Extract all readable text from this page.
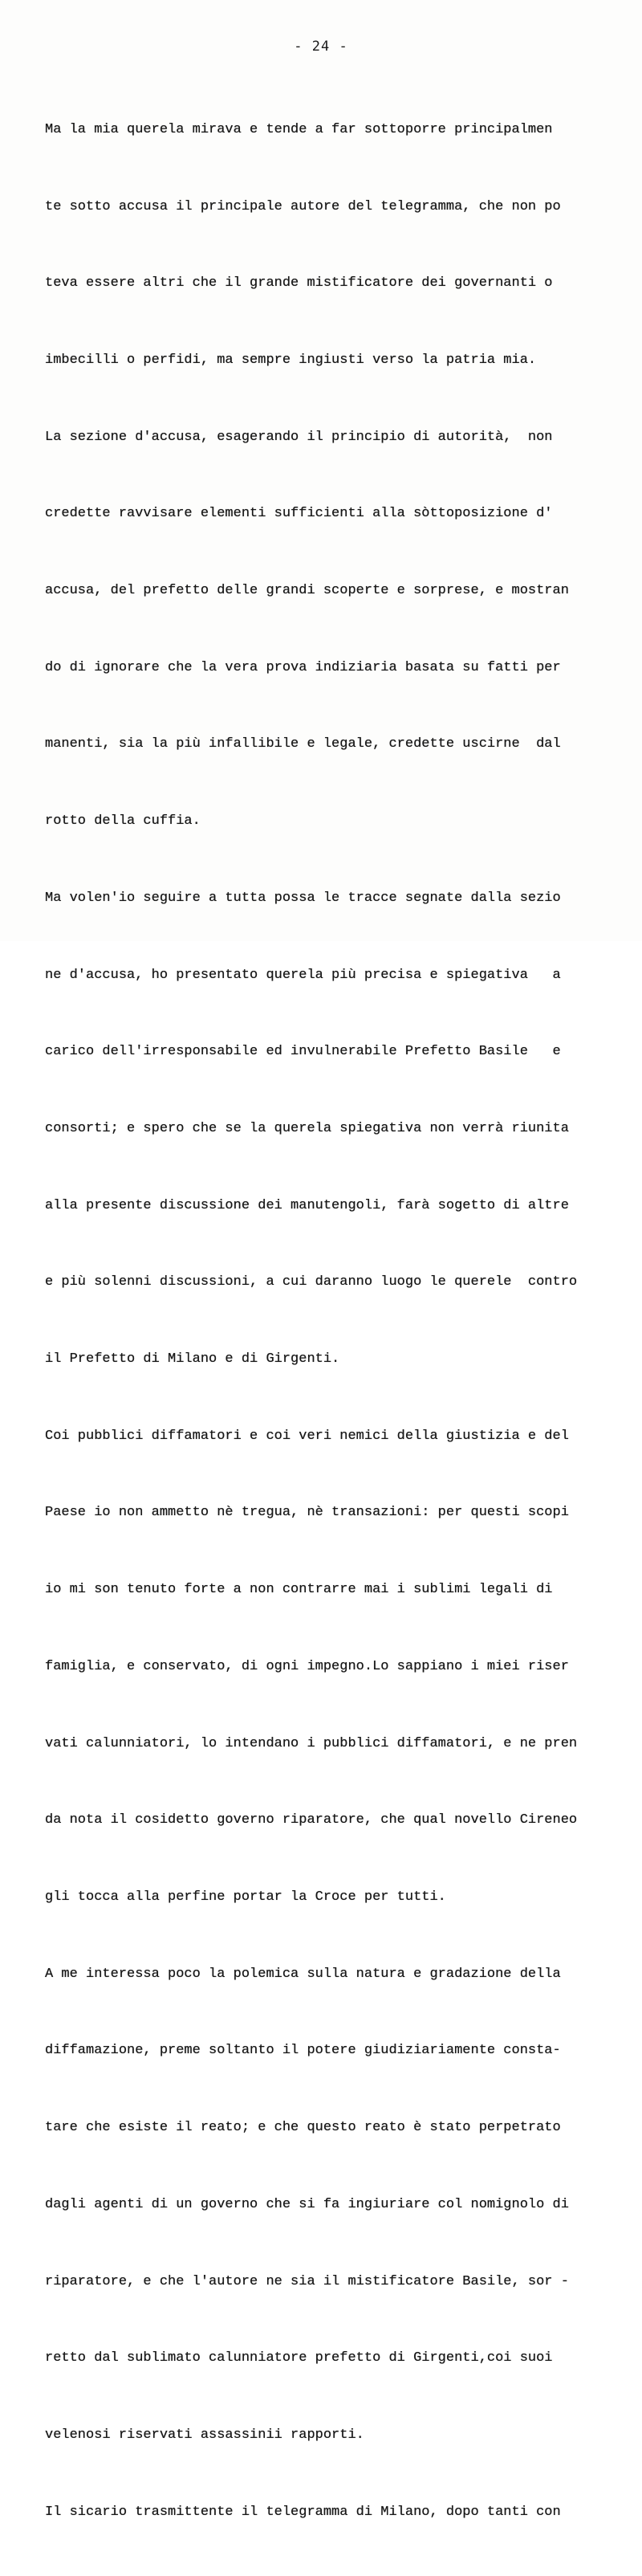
- 24 -

Ma la mia querela mirava e tende a far sottoporre principalmen

te sotto accusa il principale autore del telegramma, che non po

teva essere altri che il grande mistificatore dei governanti o

imbecilli o perfidi, ma sempre ingiusti verso la patria mia.

La sezione d'accusa, esagerando il principio di autorità,  non

credette ravvisare elementi sufficienti alla sòttoposizione d'

accusa, del prefetto delle grandi scoperte e sorprese, e mostran

do di ignorare che la vera prova indiziaria basata su fatti per

manenti, sia la più infallibile e legale, credette uscirne  dal

rotto della cuffia.

Ma volen'io seguire a tutta possa le tracce segnate dalla sezio

ne d'accusa, ho presentato querela più precisa e spiegativa   a

carico dell'irresponsabile ed invulnerabile Prefetto Basile   e

consorti; e spero che se la querela spiegativa non verrà riunita

alla presente discussione dei manutengoli, farà sogetto di altre

e più solenni discussioni, a cui daranno luogo le querele  contro

il Prefetto di Milano e di Girgenti.

Coi pubblici diffamatori e coi veri nemici della giustizia e del

Paese io non ammetto nè tregua, nè transazioni: per questi scopi

io mi son tenuto forte a non contrarre mai i sublimi legali di

famiglia, e conservato, di ogni impegno.Lo sappiano i miei riser

vati calunniatori, lo intendano i pubblici diffamatori, e ne pren

da nota il cosidetto governo riparatore, che qual novello Cireneo

gli tocca alla perfine portar la Croce per tutti.

A me interessa poco la polemica sulla natura e gradazione della

diffamazione, preme soltanto il potere giudiziariamente consta-

tare che esiste il reato; e che questo reato è stato perpetrato

dagli agenti di un governo che si fa ingiuriare col nomignolo di

riparatore, e che l'autore ne sia il mistificatore Basile, sor -

retto dal sublimato calunniatore prefetto di Girgenti,coi suoi

velenosi riservati assassinii rapporti.

Il sicario trasmittente il telegramma di Milano, dopo tanti con
